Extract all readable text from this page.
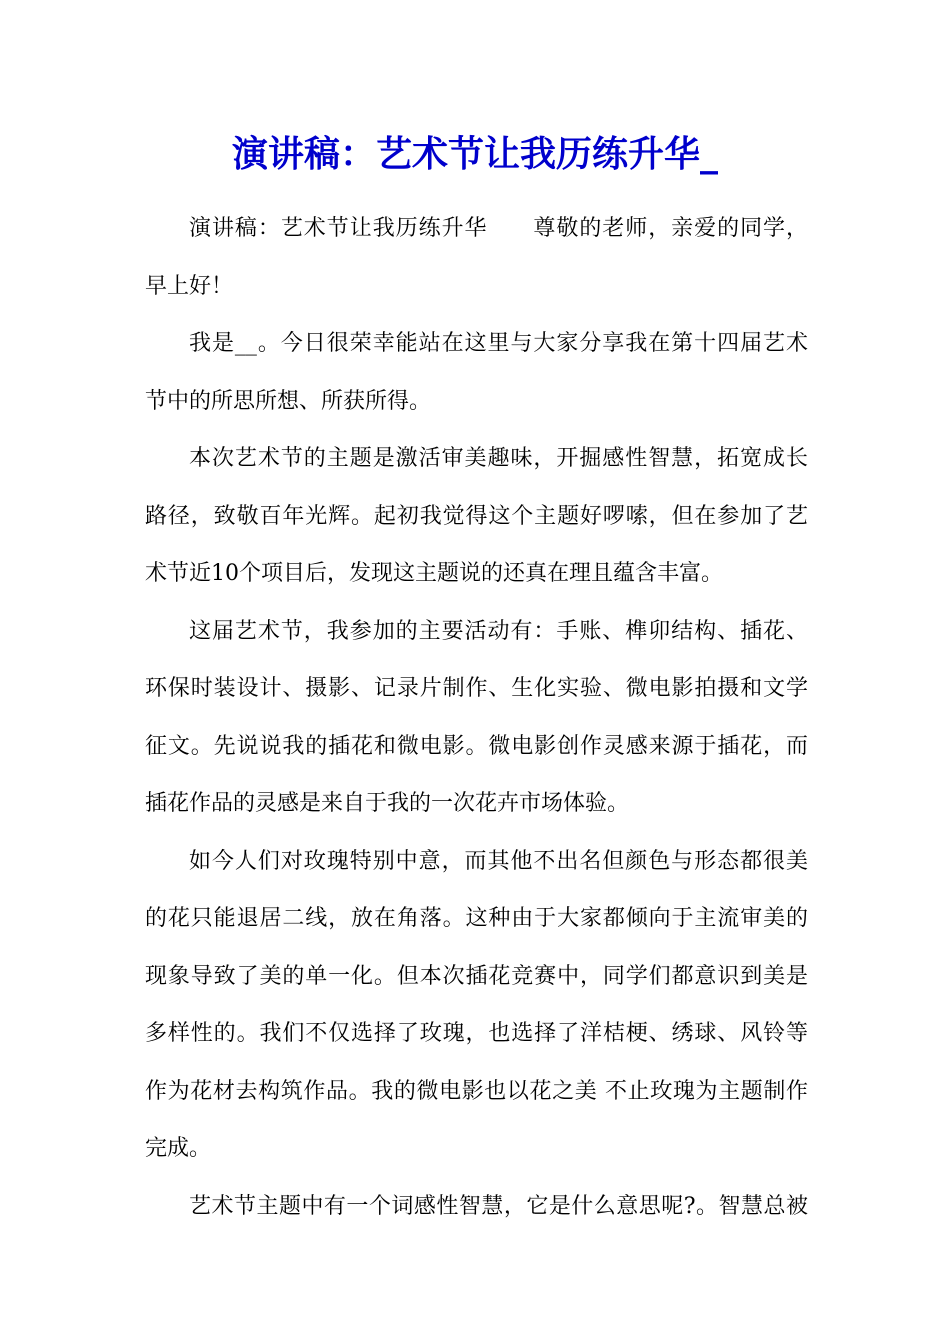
演讲稿：艺术节让我历练升华_
演讲稿：艺术节让我历练升华　　尊敬的老师，亲爱的同学，
早上好！
我是__。今日很荣幸能站在这里与大家分享我在第十四届艺术
节中的所思所想、所获所得。
本次艺术节的主题是激活审美趣味，开掘感性智慧，拓宽成长
路径，致敬百年光辉。起初我觉得这个主题好啰嗦，但在参加了艺
术节近10个项目后，发现这主题说的还真在理且蕴含丰富。
这届艺术节，我参加的主要活动有：手账、榫卯结构、插花、
环保时装设计、摄影、记录片制作、生化实验、微电影拍摄和文学
征文。先说说我的插花和微电影。微电影创作灵感来源于插花，而
插花作品的灵感是来自于我的一次花卉市场体验。
如今人们对玫瑰特别中意，而其他不出名但颜色与形态都很美
的花只能退居二线，放在角落。这种由于大家都倾向于主流审美的
现象导致了美的单一化。但本次插花竞赛中，同学们都意识到美是
多样性的。我们不仅选择了玫瑰，也选择了洋桔梗、绣球、风铃等
作为花材去构筑作品。我的微电影也以花之美 不止玫瑰为主题制作
完成。
艺术节主题中有一个词感性智慧，它是什么意思呢?。智慧总被
